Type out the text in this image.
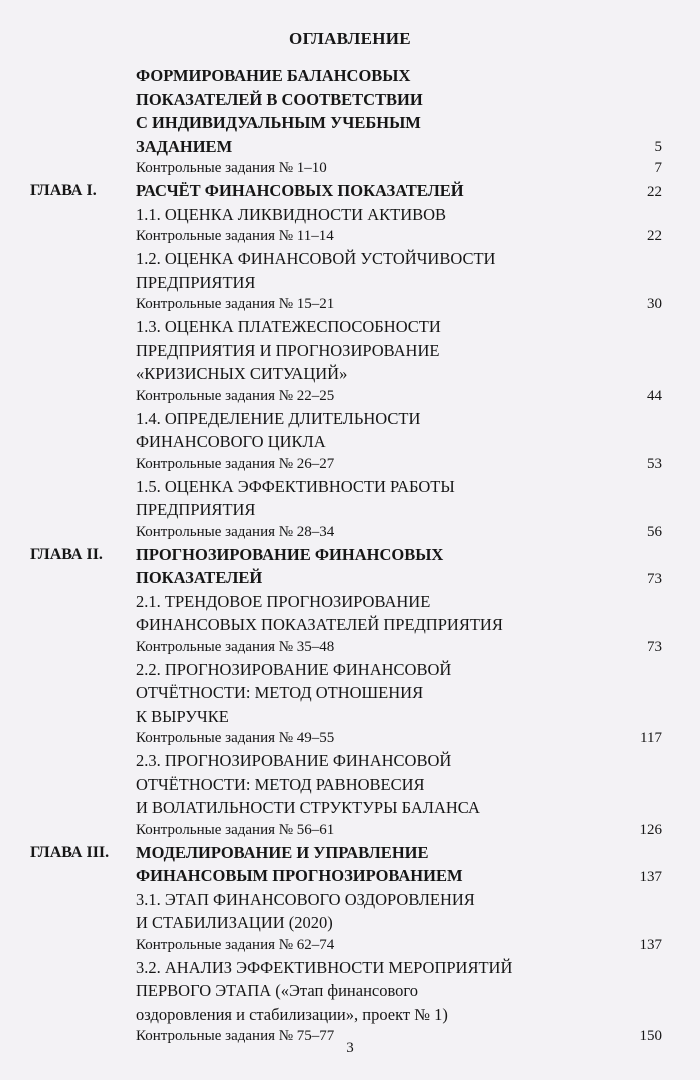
ОГЛАВЛЕНИЕ
ФОРМИРОВАНИЕ БАЛАНСОВЫХ
ПОКАЗАТЕЛЕЙ В СООТВЕТСТВИИ
С ИНДИВИДУАЛЬНЫМ УЧЕБНЫМ
ЗАДАНИЕМ	5
Контрольные задания № 1–10	7
ГЛАВА I. РАСЧЁТ ФИНАНСОВЫХ ПОКАЗАТЕЛЕЙ	22
1.1. ОЦЕНКА ЛИКВИДНОСТИ АКТИВОВ
Контрольные задания № 11–14	22
1.2. ОЦЕНКА ФИНАНСОВОЙ УСТОЙЧИВОСТИ
ПРЕДПРИЯТИЯ
Контрольные задания № 15–21	30
1.3. ОЦЕНКА ПЛАТЕЖЕСПОСОБНОСТИ
ПРЕДПРИЯТИЯ И ПРОГНОЗИРОВАНИЕ
«КРИЗИСНЫХ СИТУАЦИЙ»
Контрольные задания № 22–25	44
1.4. ОПРЕДЕЛЕНИЕ ДЛИТЕЛЬНОСТИ
ФИНАНСОВОГО ЦИКЛА
Контрольные задания № 26–27	53
1.5. ОЦЕНКА ЭФФЕКТИВНОСТИ РАБОТЫ
ПРЕДПРИЯТИЯ
Контрольные задания № 28–34	56
ГЛАВА II. ПРОГНОЗИРОВАНИЕ ФИНАНСОВЫХ
ПОКАЗАТЕЛЕЙ	73
2.1. ТРЕНДОВОЕ ПРОГНОЗИРОВАНИЕ
ФИНАНСОВЫХ ПОКАЗАТЕЛЕЙ ПРЕДПРИЯТИЯ
Контрольные задания № 35–48	73
2.2. ПРОГНОЗИРОВАНИЕ ФИНАНСОВОЙ
ОТЧЁТНОСТИ: МЕТОД ОТНОШЕНИЯ
К ВЫРУЧКЕ
Контрольные задания № 49–55	117
2.3. ПРОГНОЗИРОВАНИЕ ФИНАНСОВОЙ
ОТЧЁТНОСТИ: МЕТОД РАВНОВЕСИЯ
И ВОЛАТИЛЬНОСТИ СТРУКТУРЫ БАЛАНСА
Контрольные задания № 56–61	126
ГЛАВА III. МОДЕЛИРОВАНИЕ И УПРАВЛЕНИЕ
ФИНАНСОВЫМ ПРОГНОЗИРОВАНИЕМ	137
3.1. ЭТАП ФИНАНСОВОГО ОЗДОРОВЛЕНИЯ
И СТАБИЛИЗАЦИИ (2020)
Контрольные задания № 62–74	137
3.2. АНАЛИЗ ЭФФЕКТИВНОСТИ МЕРОПРИЯТИЙ
ПЕРВОГО ЭТАПА («Этап финансового
оздоровления и стабилизации», проект № 1)
Контрольные задания № 75–77	150
3
